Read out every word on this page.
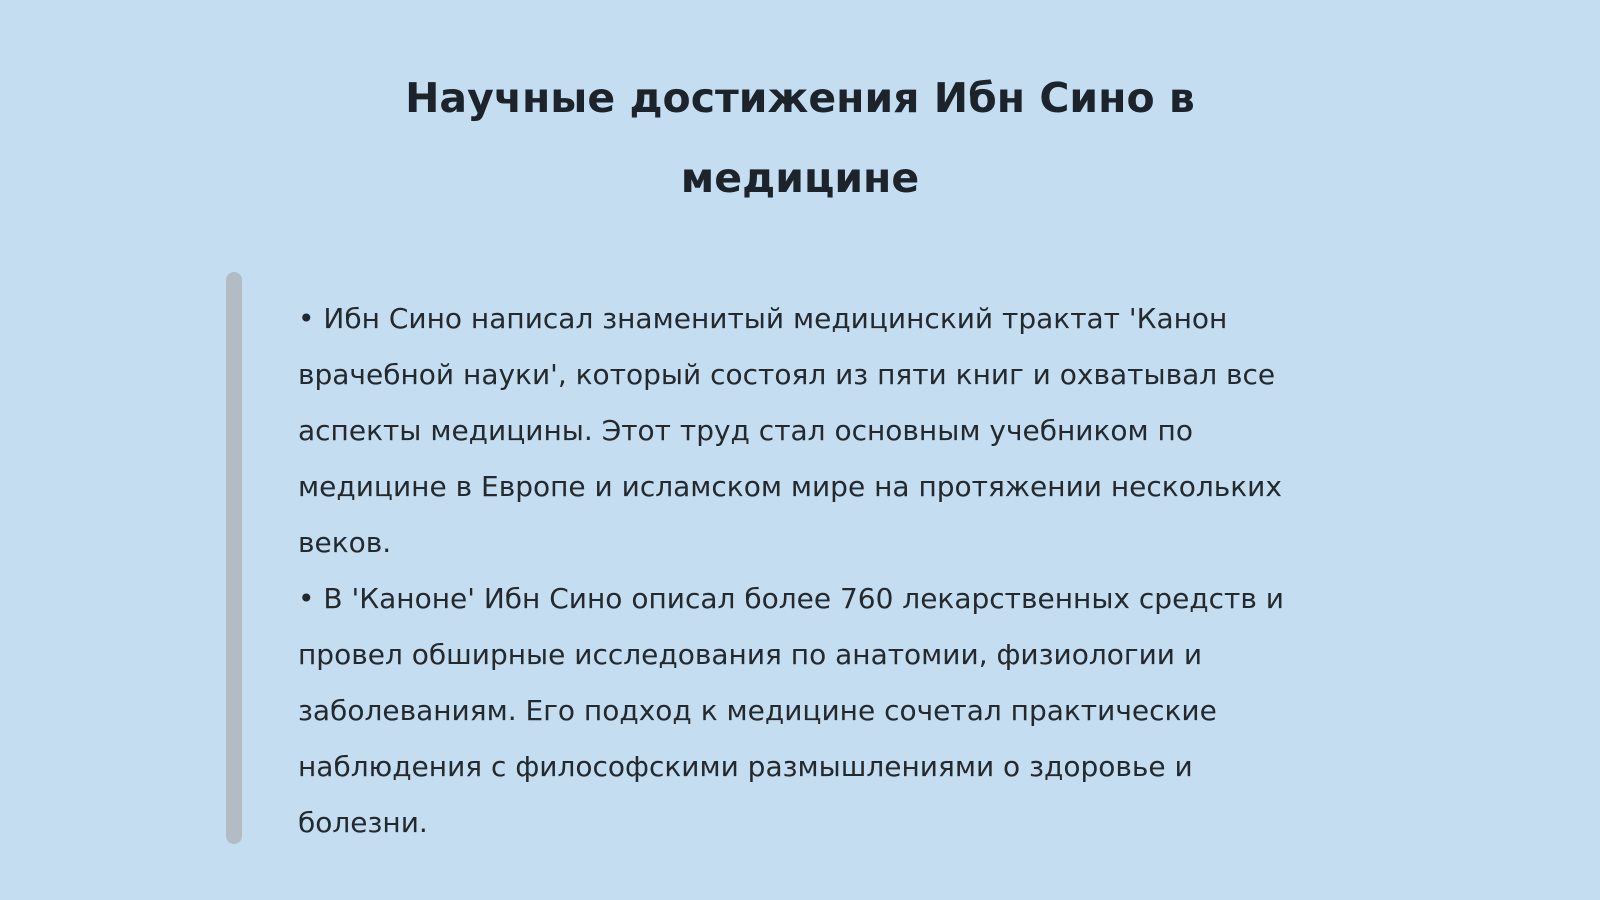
Научные достижения Ибн Сино в медицине

• Ибн Сино написал знаменитый медицинский трактат 'Канон врачебной науки', который состоял из пяти книг и охватывал все аспекты медицины. Этот труд стал основным учебником по медицине в Европе и исламском мире на протяжении нескольких веков.

• В 'Каноне' Ибн Сино описал более 760 лекарственных средств и провел обширные исследования по анатомии, физиологии и заболеваниям. Его подход к медицине сочетал практические наблюдения с философскими размышлениями о здоровье и болезни.
